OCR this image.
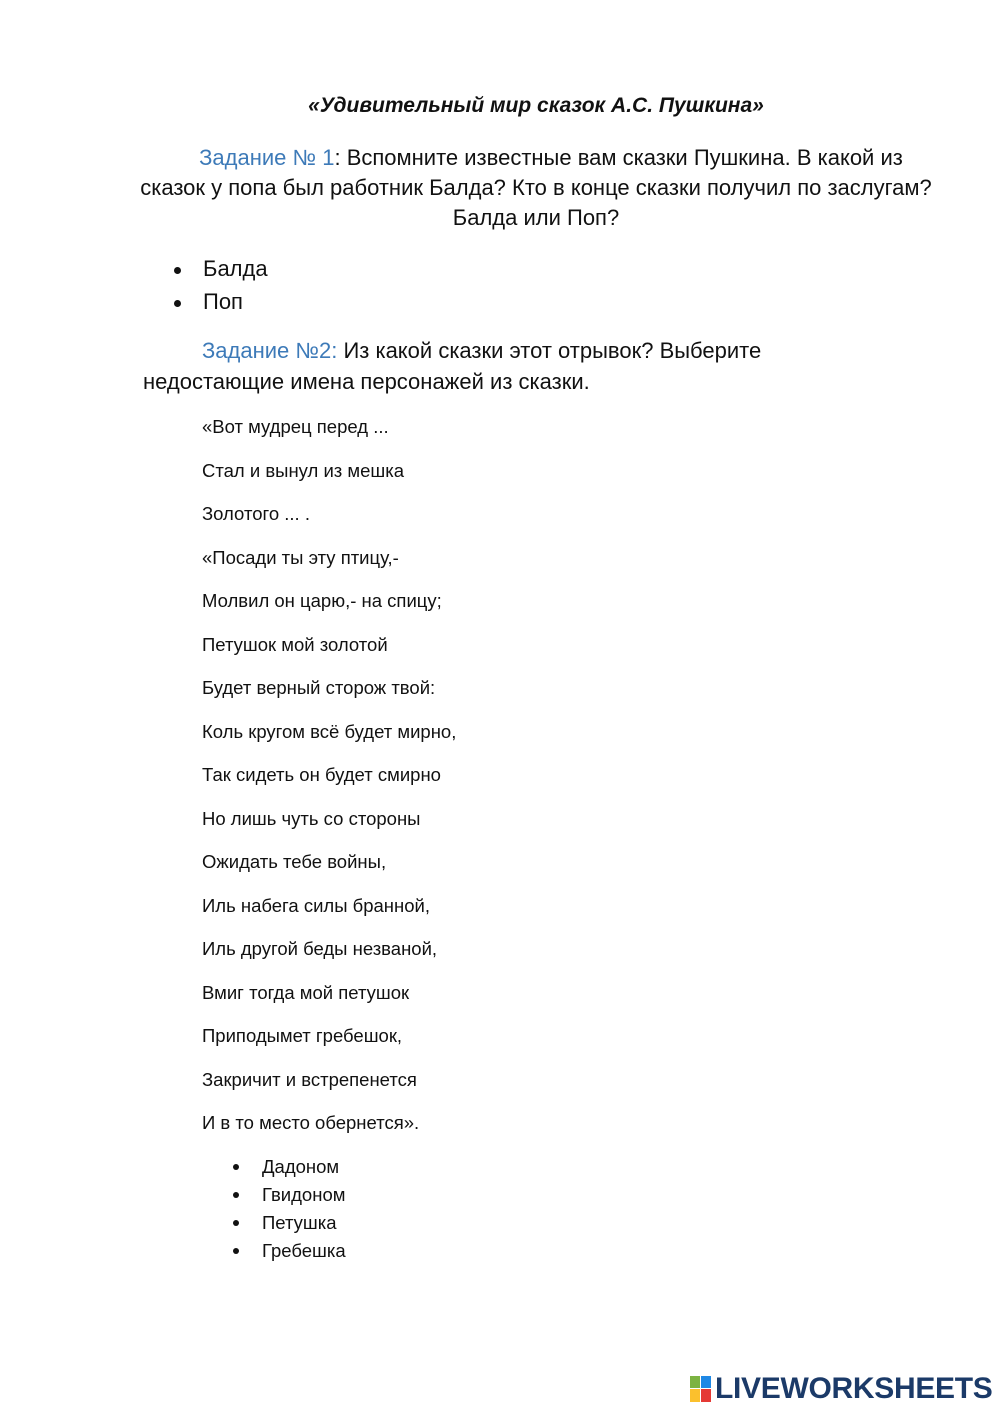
«Удивительный мир сказок А.С. Пушкина»

Задание № 1: Вспомните известные вам сказки Пушкина. В какой из сказок у попа был работник Балда? Кто в конце сказки получил по заслугам?Балда или Поп?

Балда
Поп

Задание №2: Из какой сказки этот отрывок? Выберите недостающие имена персонажей из сказки.

«Вот мудрец перед ...
Стал и вынул из мешка
Золотого ... .
«Посади ты эту птицу,-
Молвил он царю,- на спицу;
Петушок мой золотой
Будет верный сторож твой:
Коль кругом всё будет мирно,
Так сидеть он будет смирно
Но лишь чуть со стороны
Ожидать тебе войны,
Иль набега силы бранной,
Иль другой беды незваной,
Вмиг тогда мой петушок
Приподымет гребешок,
Закричит и встрепенется
И в то место обернется».
Дадоном
Гвидоном
Петушка
Гребешка
LIVEWORKSHEETS
